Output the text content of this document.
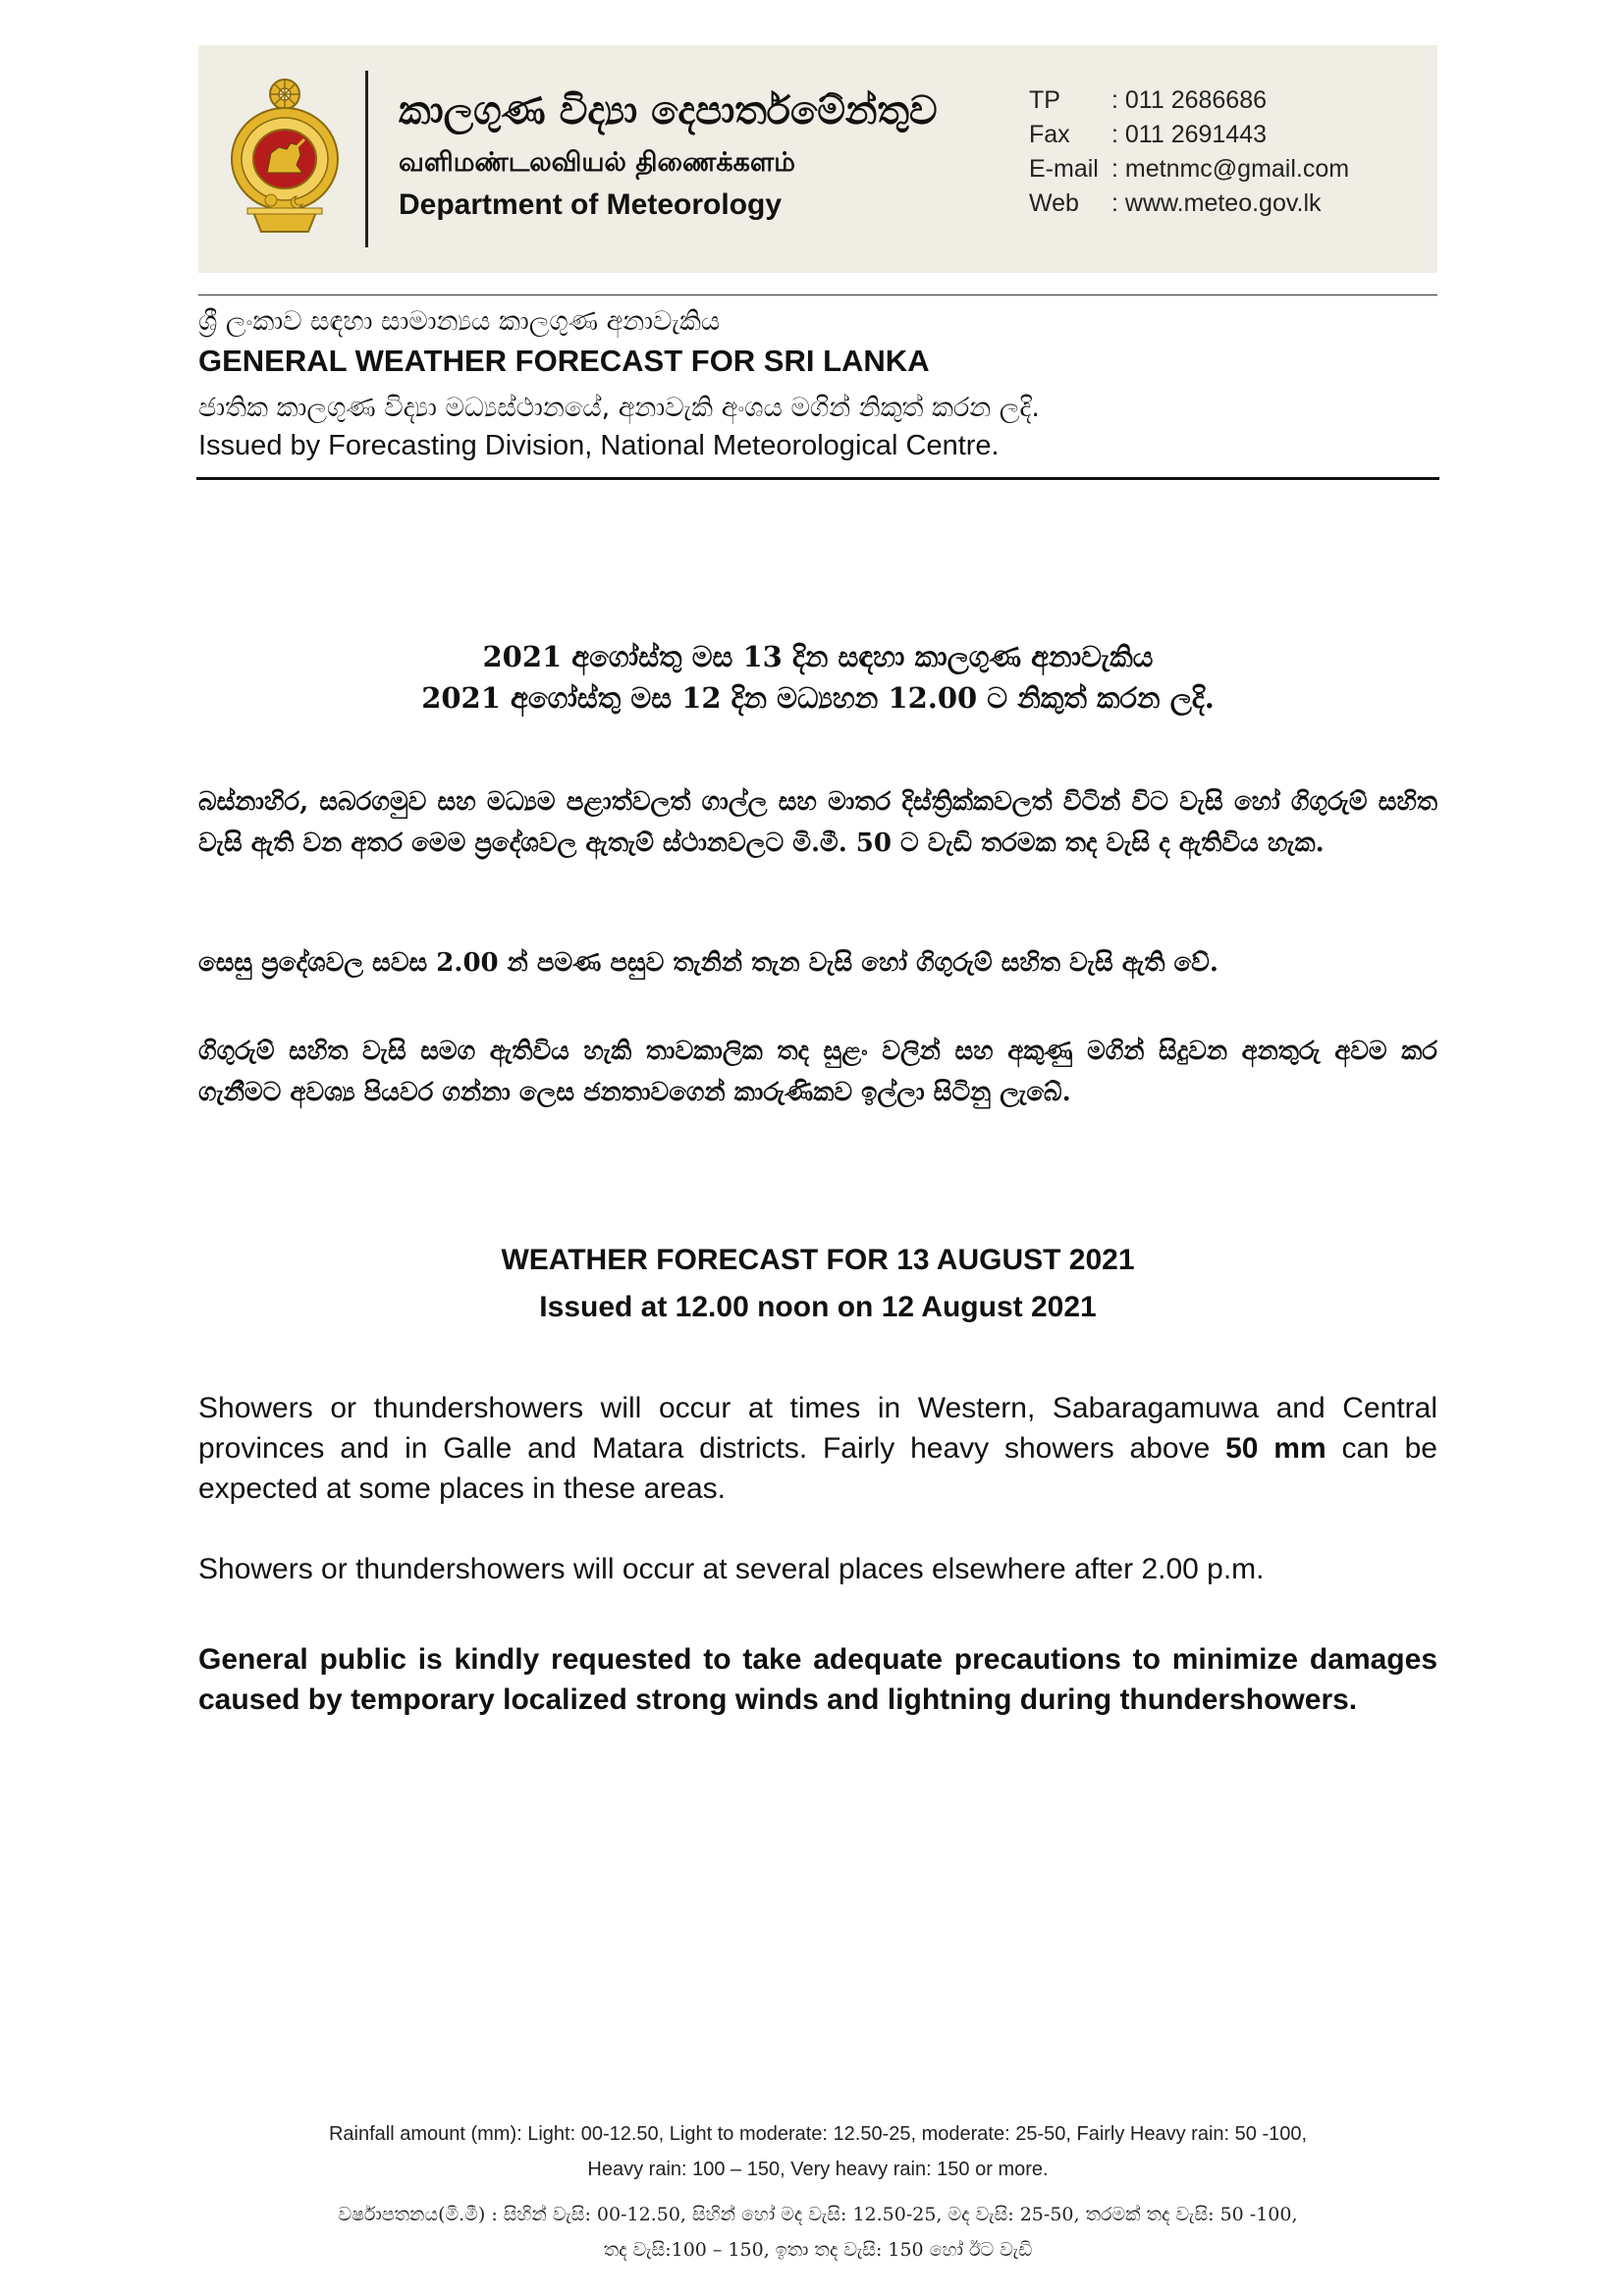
කාලගුණ විද්‍යා දෙපාර්තමේන්තුව
வளிமண்டலவியல் திணைக்களம்
Department of Meteorology
TP : 011 2686686
Fax : 011 2691443
E-mail : metnmc@gmail.com
Web : www.meteo.gov.lk
ශ්‍රී ලංකාව සඳහා සාමාන්‍යය කාලගුණ අනාවැකිය
GENERAL WEATHER FORECAST FOR SRI LANKA
ජාතික කාලගුණ විද්‍යා මධ්‍යස්ථානයේ, අනාවැකි අංශය මගින් නිකුත් කරන ලදි.
Issued by Forecasting Division, National Meteorological Centre.
2021 අගෝස්තු මස 13 දින සඳහා කාලගුණ අනාවැකිය
2021 අගෝස්තු මස 12 දින මධ්‍යහන 12.00 ට නිකුත් කරන ලදි.
බස්නාහිර, සබරගමුව සහ මධ්‍යම පළාත්වලත් ගාල්ල සහ මාතර දිස්ත්‍රික්කවලත් විටින් විට වැසි හෝ ගිගුරුම් සහිත වැසි ඇති වන අතර මෙම ප්‍රදේශවල ඇතැම් ස්ථානවලට මි.මී. 50 ට වැඩි තරමක තද වැසි ද ඇතිවිය හැක.
සෙසු ප්‍රදේශවල සවස 2.00 න් පමණ පසුව තැනින් තැන වැසි හෝ ගිගුරුම් සහිත වැසි ඇති වේ.
ගිගුරුම් සහිත වැසි සමග ඇතිවිය හැකි තාවකාලික තද සුළං වලින් සහ අකුණු මගින් සිදුවන අනතුරු අවම කර ගැනීමට අවශ්‍ය පියවර ගන්නා ලෙස ජනතාවගෙන් කාරුණිකව ඉල්ලා සිටිනු ලැබේ.
WEATHER FORECAST FOR 13 AUGUST 2021
Issued at 12.00 noon on 12 August 2021
Showers or thundershowers will occur at times in Western, Sabaragamuwa and Central provinces and in Galle and Matara districts. Fairly heavy showers above 50 mm can be expected at some places in these areas.
Showers or thundershowers will occur at several places elsewhere after 2.00 p.m.
General public is kindly requested to take adequate precautions to minimize damages caused by temporary localized strong winds and lightning during thundershowers.
Rainfall amount (mm): Light: 00-12.50, Light to moderate: 12.50-25, moderate: 25-50, Fairly Heavy rain: 50 -100,
Heavy rain: 100 – 150, Very heavy rain: 150 or more.
වර්ෂාපතනය(මි.මී) : සිහින් වැසි: 00-12.50, සිහින් හෝ මද වැසි: 12.50-25, මද වැසි: 25-50, තරමක් තද වැසි: 50 -100,
තද වැසි:100 – 150, ඉතා තද වැසි: 150 හෝ ඊට වැඩි
